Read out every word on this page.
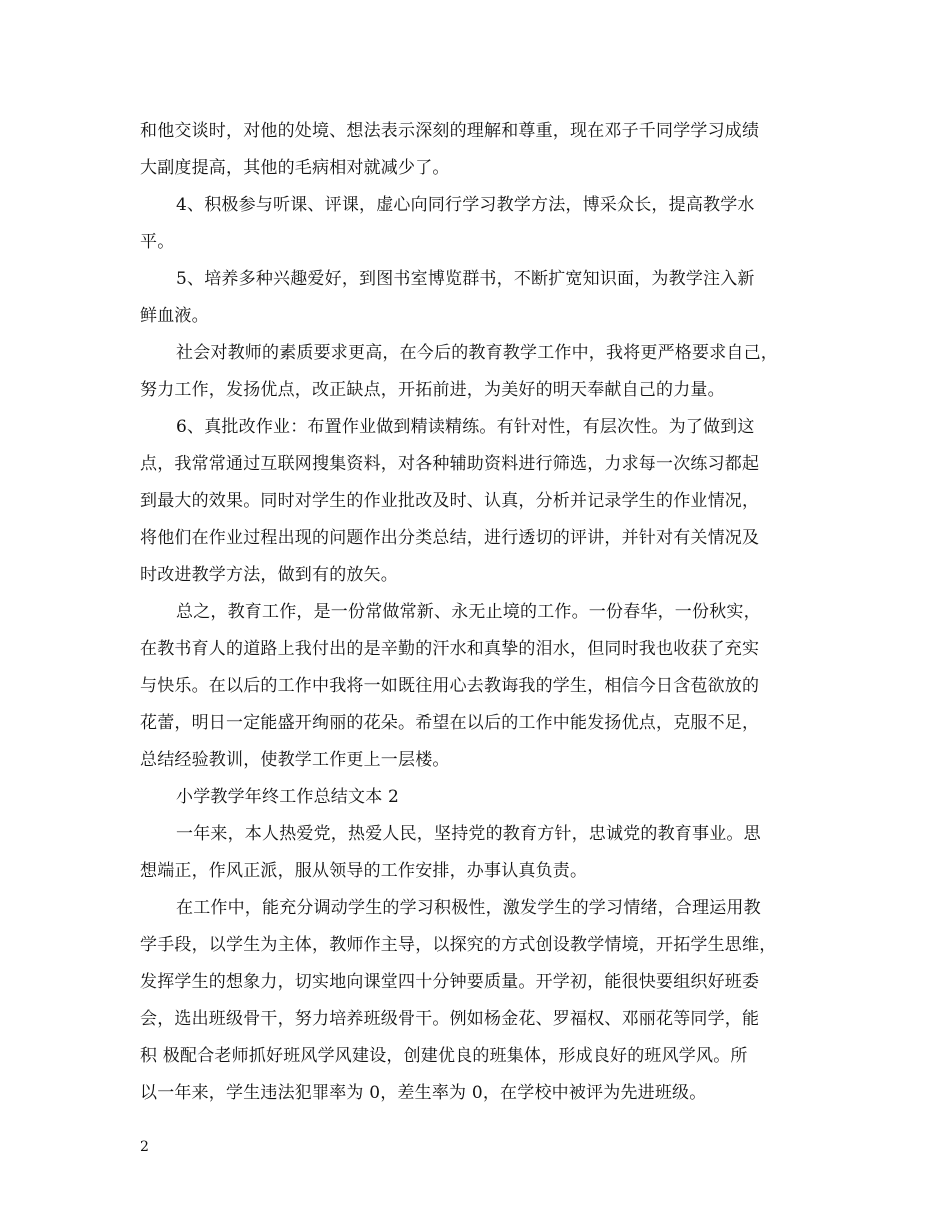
和他交谈时，对他的处境、想法表示深刻的理解和尊重，现在邓子千同学学习成绩
大副度提高，其他的毛病相对就减少了。
4、积极参与听课、评课，虚心向同行学习教学方法，博采众长，提高教学水
平。
5、培养多种兴趣爱好，到图书室博览群书，不断扩宽知识面，为教学注入新
鲜血液。
社会对教师的素质要求更高，在今后的教育教学工作中，我将更严格要求自己，
努力工作，发扬优点，改正缺点，开拓前进，为美好的明天奉献自己的力量。
6、真批改作业：布置作业做到精读精练。有针对性，有层次性。为了做到这
点，我常常通过互联网搜集资料，对各种辅助资料进行筛选，力求每一次练习都起
到最大的效果。同时对学生的作业批改及时、认真，分析并记录学生的作业情况，
将他们在作业过程出现的问题作出分类总结，进行透切的评讲，并针对有关情况及
时改进教学方法，做到有的放矢。
总之，教育工作，是一份常做常新、永无止境的工作。一份春华，一份秋实，
在教书育人的道路上我付出的是辛勤的汗水和真挚的泪水，但同时我也收获了充实
与快乐。在以后的工作中我将一如既往用心去教诲我的学生，相信今日含苞欲放的
花蕾，明日一定能盛开绚丽的花朵。希望在以后的工作中能发扬优点，克服不足，
总结经验教训，使教学工作更上一层楼。
小学教学年终工作总结文本 2
一年来，本人热爱党，热爱人民，坚持党的教育方针，忠诚党的教育事业。思
想端正，作风正派，服从领导的工作安排，办事认真负责。
在工作中，能充分调动学生的学习积极性，激发学生的学习情绪，合理运用教
学手段，以学生为主体，教师作主导，以探究的方式创设教学情境，开拓学生思维，
发挥学生的想象力，切实地向课堂四十分钟要质量。开学初，能很快要组织好班委
会，选出班级骨干，努力培养班级骨干。例如杨金花、罗福权、邓丽花等同学，能
积 极配合老师抓好班风学风建设，创建优良的班集体，形成良好的班风学风。所
以一年来，学生违法犯罪率为 0，差生率为 0，在学校中被评为先进班级。
2
